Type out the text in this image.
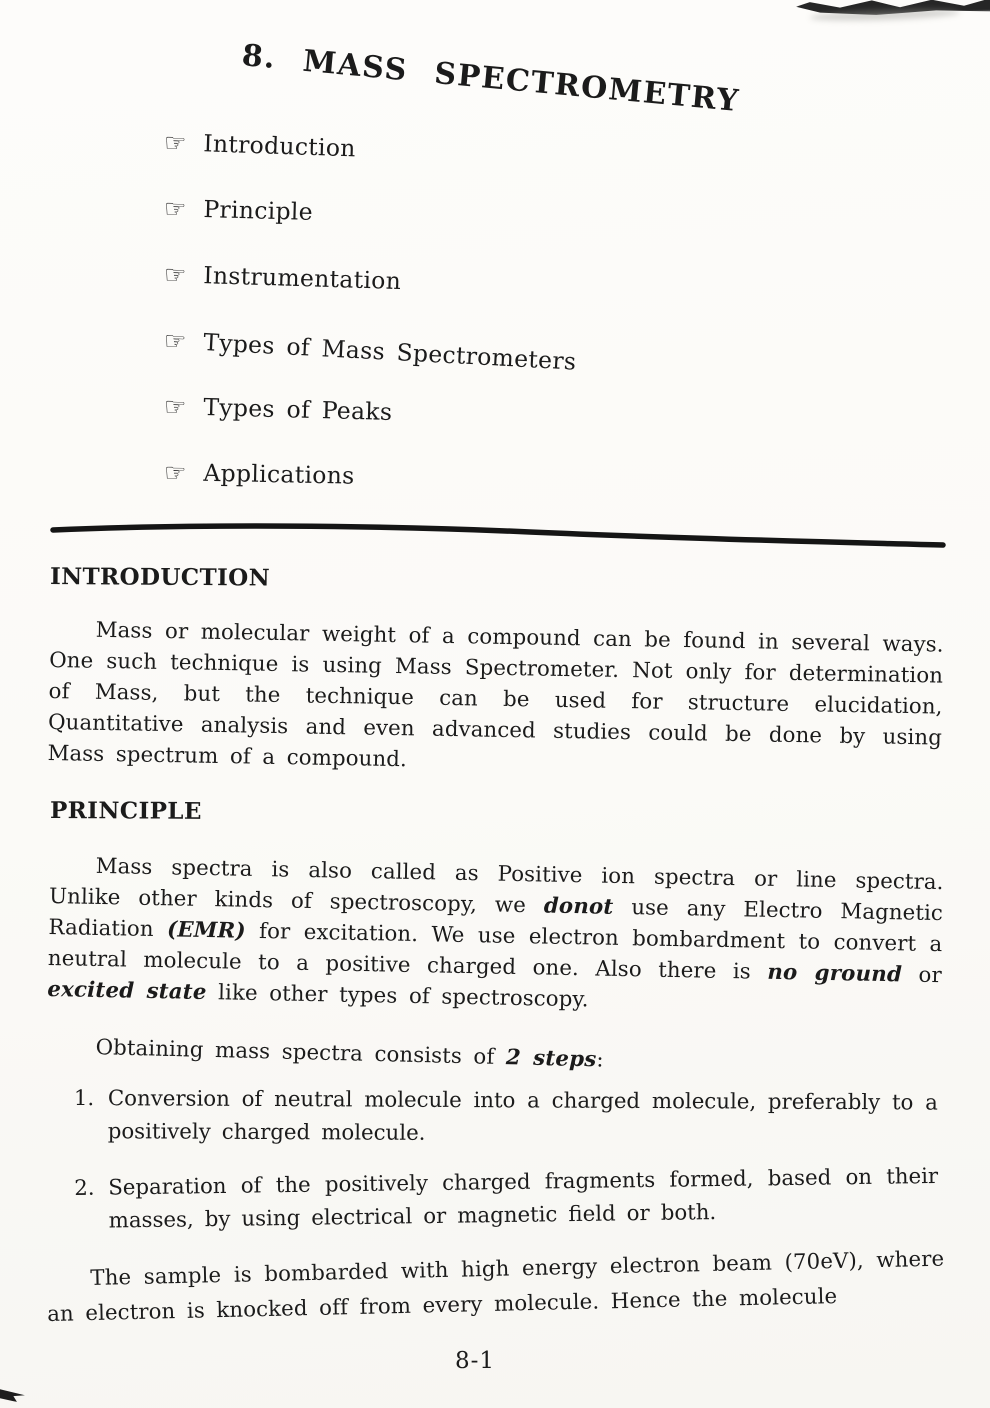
8. MASS SPECTROMETRY
☞ Introduction
☞ Principle
☞ Instrumentation
☞ Types of Mass Spectrometers
☞ Types of Peaks
☞ Applications
INTRODUCTION

Mass or molecular weight of a compound can be found in several ways. One such technique is using Mass Spectrometer. Not only for determination of Mass, but the technique can be used for structure elucidation, Quantitative analysis and even advanced studies could be done by using Mass spectrum of a compound.

PRINCIPLE

Mass spectra is also called as Positive ion spectra or line spectra. Unlike other kinds of spectroscopy, we donot use any Electro Magnetic Radiation (EMR) for excitation. We use electron bombardment to convert a neutral molecule to a positive charged one. Also there is no ground or excited state like other types of spectroscopy.

Obtaining mass spectra consists of 2 steps:

1. Conversion of neutral molecule into a charged molecule, preferably to a positively charged molecule.
2. Separation of the positively charged fragments formed, based on their masses, by using electrical or magnetic field or both.

The sample is bombarded with high energy electron beam (70eV), where an electron is knocked off from every molecule. Hence the molecule

8-1
